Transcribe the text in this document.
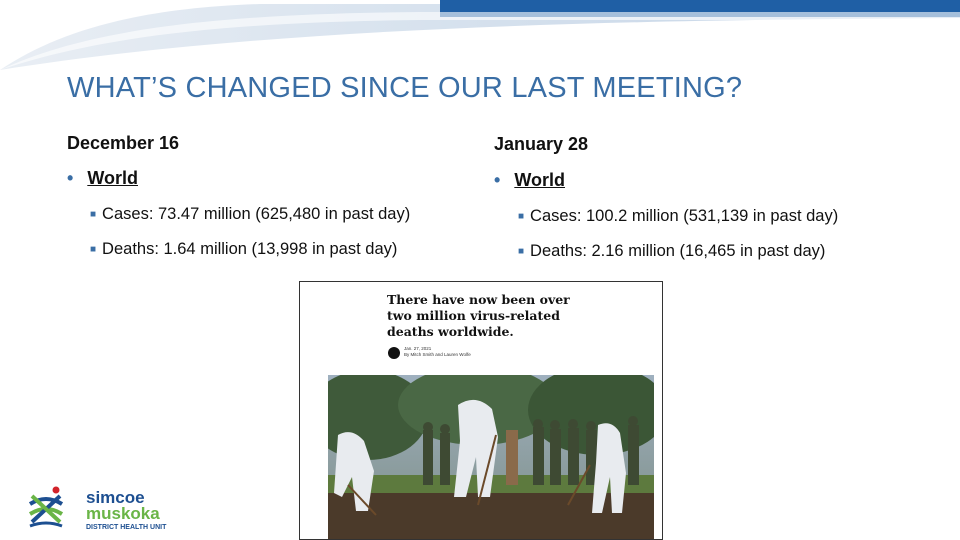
WHAT’S CHANGED SINCE OUR LAST MEETING?
December 16
• World
■ Cases: 73.47 million (625,480 in past day)
■ Deaths: 1.64 million (13,998 in past day)
January 28
• World
■ Cases: 100.2 million (531,139 in past day)
■ Deaths: 2.16 million (16,465 in past day)

There have now been over two million virus-related deaths worldwide.

Jan. 27, 2021
By Mitch Smith and Lauren Wolfe
simcoe
muskoka
DISTRICT HEALTH UNIT
